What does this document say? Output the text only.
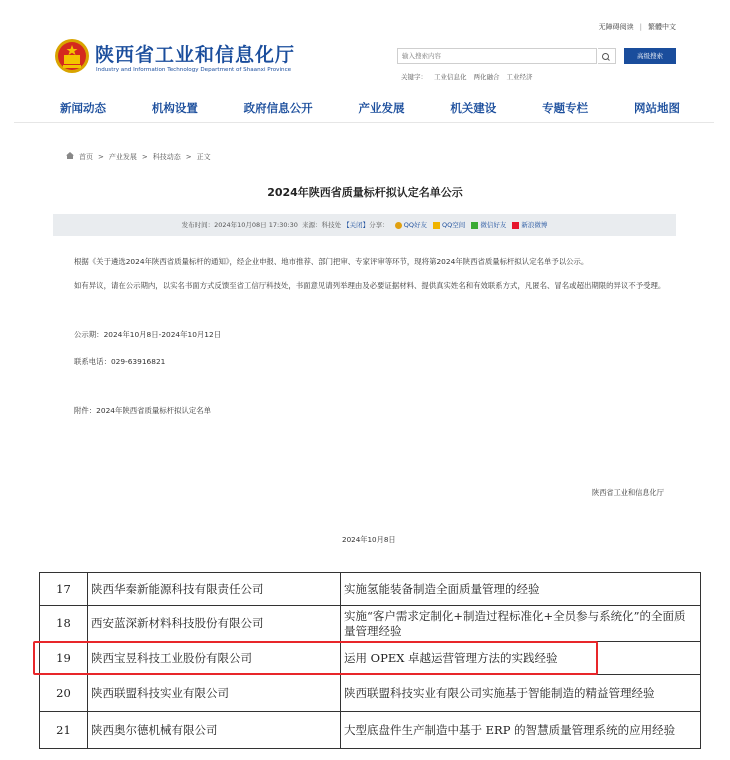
无障碍阅读 | 繁體中文
陕西省工业和信息化厅
Industry and Information Technology Department of Shaanxi Province
输入搜索内容
高级搜索
关键字： 工业信息化 两化融合 工业经济
新闻动态	机构设置	政府信息公开	产业发展	机关建设	专题专栏	网站地图
首页 > 产业发展 > 科技动态 > 正文
2024年陕西省质量标杆拟认定名单公示
发布时间：2024年10月08日 17:30:30 来源：科技处 【关闭】分享： QQ好友 QQ空间 微信好友 新浪微博
根据《关于遴选2024年陕西省质量标杆的通知》，经企业申报、地市推荐、部门把审、专家评审等环节，现将第2024年陕西省质量标杆拟认定名单予以公示。
如有异议，请在公示期内，以实名书面方式反馈至省工信厅科技处，书面意见请列举理由及必要证据材料、提供真实姓名和有效联系方式，凡匿名、冒名或超出期限的异议不予受理。
公示期：2024年10月8日-2024年10月12日
联系电话：029-63916821
附件：2024年陕西省质量标杆拟认定名单
陕西省工业和信息化厅
2024年10月8日
17	陕西华秦新能源科技有限责任公司	实施氢能装备制造全面质量管理的经验
18	西安蓝深新材料科技股份有限公司	实施“客户需求定制化+制造过程标准化+全员参与系统化”的全面质量管理经验
19	陕西宝昱科技工业股份有限公司	运用 OPEX 卓越运营管理方法的实践经验
20	陕西联盟科技实业有限公司	陕西联盟科技实业有限公司实施基于智能制造的精益管理经验
21	陕西奥尔德机械有限公司	大型底盘件生产制造中基于 ERP 的智慧质量管理系统的应用经验
